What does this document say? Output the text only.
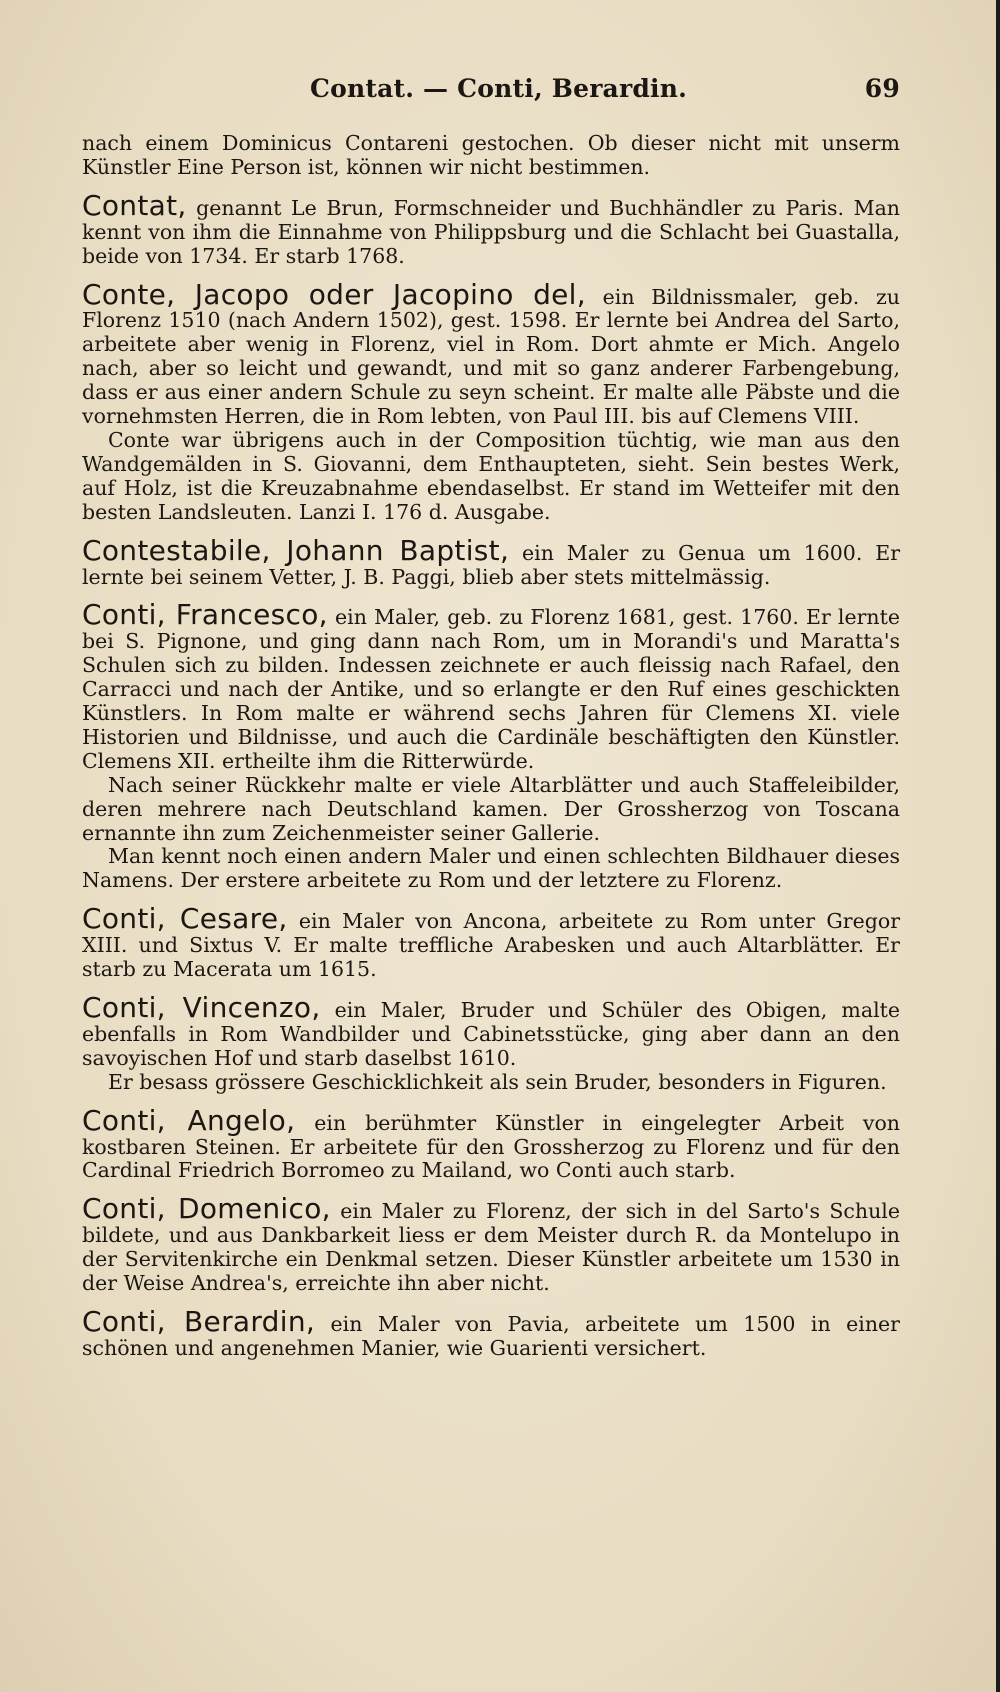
Contat. — Conti, Berardin.	69

nach einem Dominicus Contareni gestochen. Ob dieser nicht mit unserm Künstler Eine Person ist, können wir nicht bestimmen.

Contat, genannt Le Brun, Formschneider und Buchhändler zu Paris. Man kennt von ihm die Einnahme von Philippsburg und die Schlacht bei Guastalla, beide von 1734. Er starb 1768.

Conte, Jacopo oder Jacopino del, ein Bildnissmaler, geb. zu Florenz 1510 (nach Andern 1502), gest. 1598. Er lernte bei Andrea del Sarto, arbeitete aber wenig in Florenz, viel in Rom. Dort ahmte er Mich. Angelo nach, aber so leicht und gewandt, und mit so ganz anderer Farbengebung, dass er aus einer andern Schule zu seyn scheint. Er malte alle Päbste und die vornehmsten Herren, die in Rom lebten, von Paul III. bis auf Clemens VIII.

Conte war übrigens auch in der Composition tüchtig, wie man aus den Wandgemälden in S. Giovanni, dem Enthaupteten, sieht. Sein bestes Werk, auf Holz, ist die Kreuzabnahme ebendaselbst. Er stand im Wetteifer mit den besten Landsleuten. Lanzi I. 176 d. Ausgabe.

Contestabile, Johann Baptist, ein Maler zu Genua um 1600. Er lernte bei seinem Vetter, J. B. Paggi, blieb aber stets mittelmässig.

Conti, Francesco, ein Maler, geb. zu Florenz 1681, gest. 1760. Er lernte bei S. Pignone, und ging dann nach Rom, um in Morandi's und Maratta's Schulen sich zu bilden. Indessen zeichnete er auch fleissig nach Rafael, den Carracci und nach der Antike, und so erlangte er den Ruf eines geschickten Künstlers. In Rom malte er während sechs Jahren für Clemens XI. viele Historien und Bildnisse, und auch die Cardinäle beschäftigten den Künstler. Clemens XII. ertheilte ihm die Ritterwürde.

Nach seiner Rückkehr malte er viele Altarblätter und auch Staffeleibilder, deren mehrere nach Deutschland kamen. Der Grossherzog von Toscana ernannte ihn zum Zeichenmeister seiner Gallerie.

Man kennt noch einen andern Maler und einen schlechten Bildhauer dieses Namens. Der erstere arbeitete zu Rom und der letztere zu Florenz.

Conti, Cesare, ein Maler von Ancona, arbeitete zu Rom unter Gregor XIII. und Sixtus V. Er malte treffliche Arabesken und auch Altarblätter. Er starb zu Macerata um 1615.

Conti, Vincenzo, ein Maler, Bruder und Schüler des Obigen, malte ebenfalls in Rom Wandbilder und Cabinetsstücke, ging aber dann an den savoyischen Hof und starb daselbst 1610.

Er besass grössere Geschicklichkeit als sein Bruder, besonders in Figuren.

Conti, Angelo, ein berühmter Künstler in eingelegter Arbeit von kostbaren Steinen. Er arbeitete für den Grossherzog zu Florenz und für den Cardinal Friedrich Borromeo zu Mailand, wo Conti auch starb.

Conti, Domenico, ein Maler zu Florenz, der sich in del Sarto's Schule bildete, und aus Dankbarkeit liess er dem Meister durch R. da Montelupo in der Servitenkirche ein Denkmal setzen. Dieser Künstler arbeitete um 1530 in der Weise Andrea's, erreichte ihn aber nicht.

Conti, Berardin, ein Maler von Pavia, arbeitete um 1500 in einer schönen und angenehmen Manier, wie Guarienti versichert.
